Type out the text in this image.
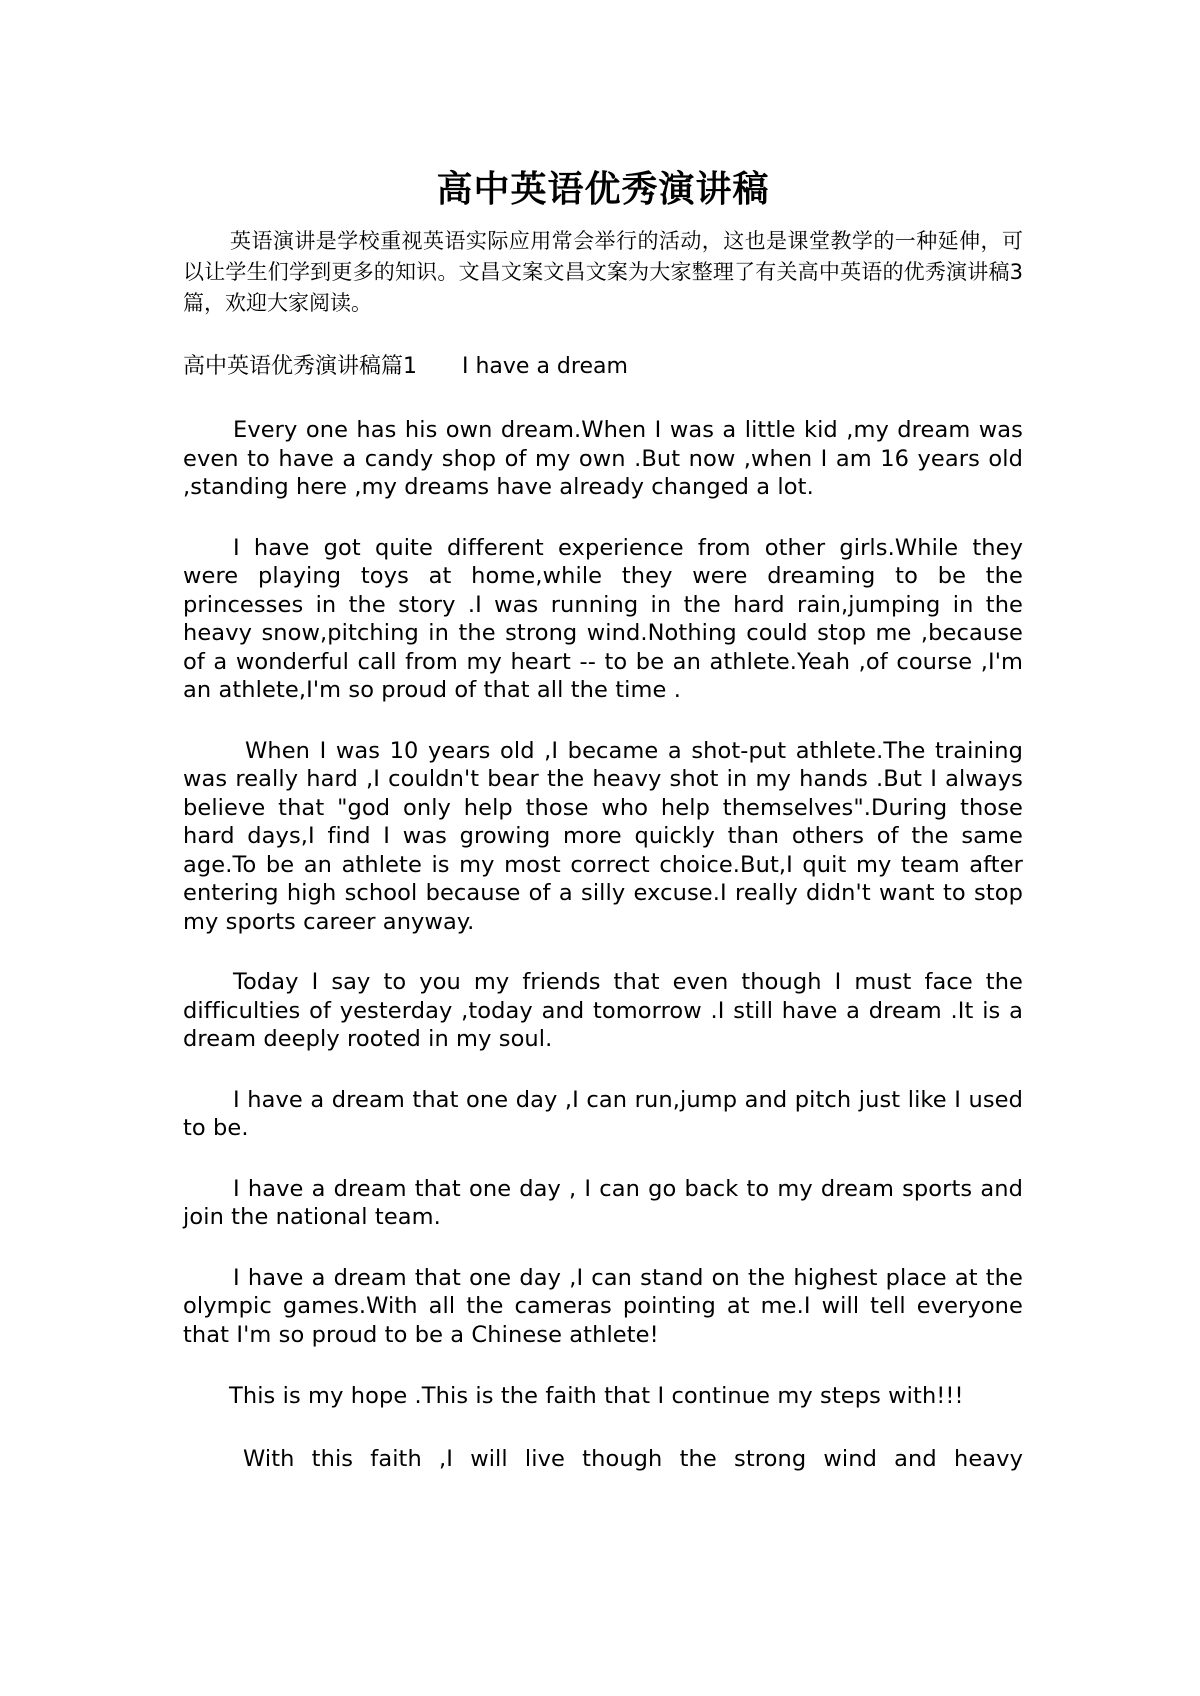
高中英语优秀演讲稿

英语演讲是学校重视英语实际应用常会举行的活动，这也是课堂教学的一种延伸，可以让学生们学到更多的知识。文昌文案文昌文案为大家整理了有关高中英语的优秀演讲稿3篇，欢迎大家阅读。

高中英语优秀演讲稿篇1 I have a dream

Every one has his own dream.When I was a little kid ,my dream was even to have a candy shop of my own .But now ,when I am 16 years old ,standing here ,my dreams have already changed a lot.

I have got quite different experience from other girls.While they were playing toys at home,while they were dreaming to be the princesses in the story .I was running in the hard rain,jumping in the heavy snow,pitching in the strong wind.Nothing could stop me ,because of a wonderful call from my heart -- to be an athlete.Yeah ,of course ,I'm an athlete,I'm so proud of that all the time .

When I was 10 years old ,I became a shot-put athlete.The training was really hard ,I couldn't bear the heavy shot in my hands .But I always believe that "god only help those who help themselves".During those hard days,I find I was growing more quickly than others of the same age.To be an athlete is my most correct choice.But,I quit my team after entering high school because of a silly excuse.I really didn't want to stop my sports career anyway.

Today I say to you my friends that even though I must face the difficulties of yesterday ,today and tomorrow .I still have a dream .It is a dream deeply rooted in my soul.

I have a dream that one day ,I can run,jump and pitch just like I used to be.

I have a dream that one day , I can go back to my dream sports and join the national team.

I have a dream that one day ,I can stand on the highest place at the olympic games.With all the cameras pointing at me.I will tell everyone that I'm so proud to be a Chinese athlete!

This is my hope .This is the faith that I continue my steps with!!!

With this faith ,I will live though the strong wind and heavy
